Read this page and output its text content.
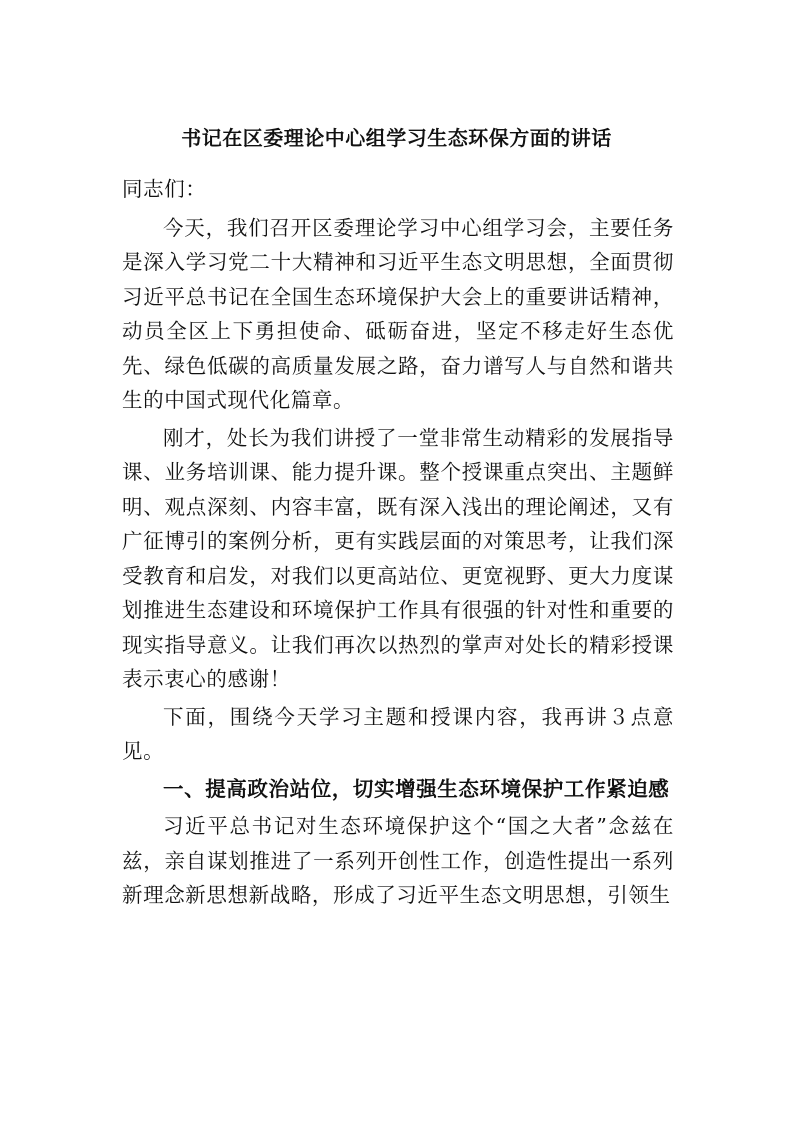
书记在区委理论中心组学习生态环保方面的讲话

同志们：

今天，我们召开区委理论学习中心组学习会，主要任务是深入学习党二十大精神和习近平生态文明思想，全面贯彻习近平总书记在全国生态环境保护大会上的重要讲话精神，动员全区上下勇担使命、砥砺奋进，坚定不移走好生态优先、绿色低碳的高质量发展之路，奋力谱写人与自然和谐共生的中国式现代化篇章。

刚才，处长为我们讲授了一堂非常生动精彩的发展指导课、业务培训课、能力提升课。整个授课重点突出、主题鲜明、观点深刻、内容丰富，既有深入浅出的理论阐述，又有广征博引的案例分析，更有实践层面的对策思考，让我们深受教育和启发，对我们以更高站位、更宽视野、更大力度谋划推进生态建设和环境保护工作具有很强的针对性和重要的现实指导意义。让我们再次以热烈的掌声对处长的精彩授课表示衷心的感谢！

下面，围绕今天学习主题和授课内容，我再讲３点意见。

一、提高政治站位，切实增强生态环境保护工作紧迫感

习近平总书记对生态环境保护这个“国之大者”念兹在兹，亲自谋划推进了一系列开创性工作，创造性提出一系列新理念新思想新战略，形成了习近平生态文明思想，引领生
